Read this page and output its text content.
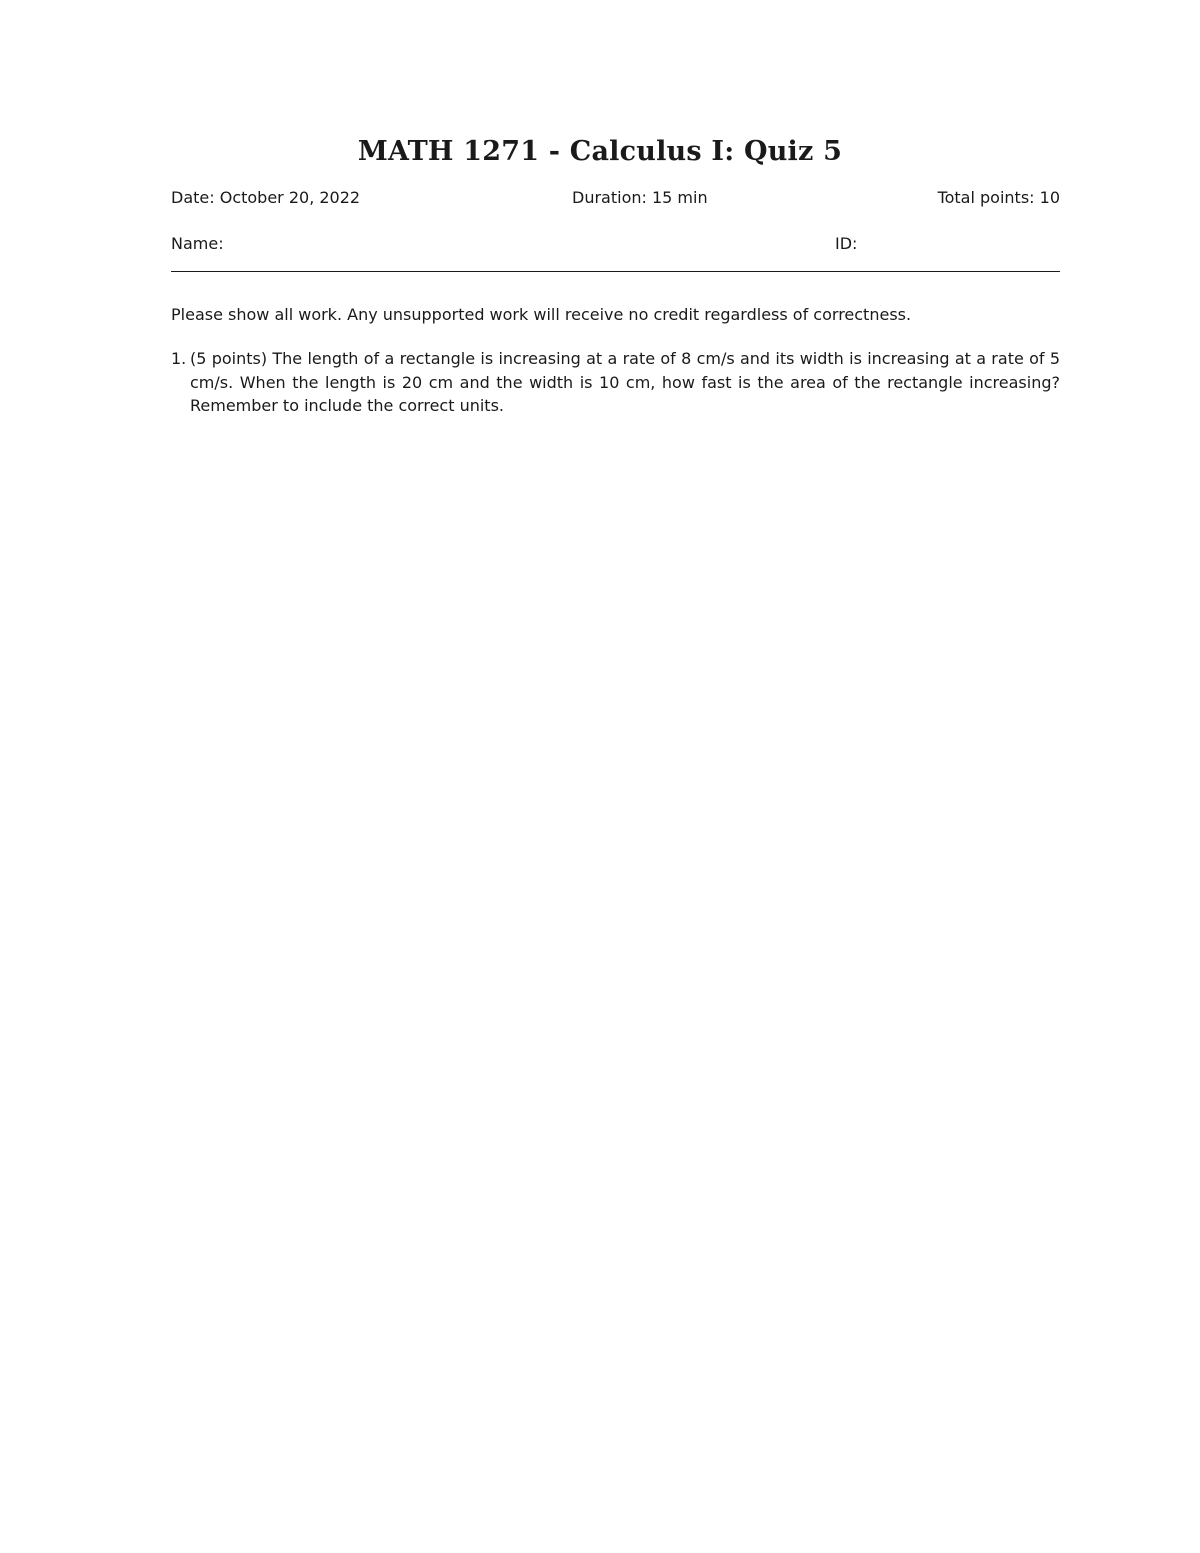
MATH 1271 - Calculus I: Quiz 5
Date: October 20, 2022	Duration: 15 min	Total points: 10
Name:	ID:
Please show all work. Any unsupported work will receive no credit regardless of correctness.
1. (5 points) The length of a rectangle is increasing at a rate of 8 cm/s and its width is increasing at a rate of 5 cm/s. When the length is 20 cm and the width is 10 cm, how fast is the area of the rectangle increasing? Remember to include the correct units.
